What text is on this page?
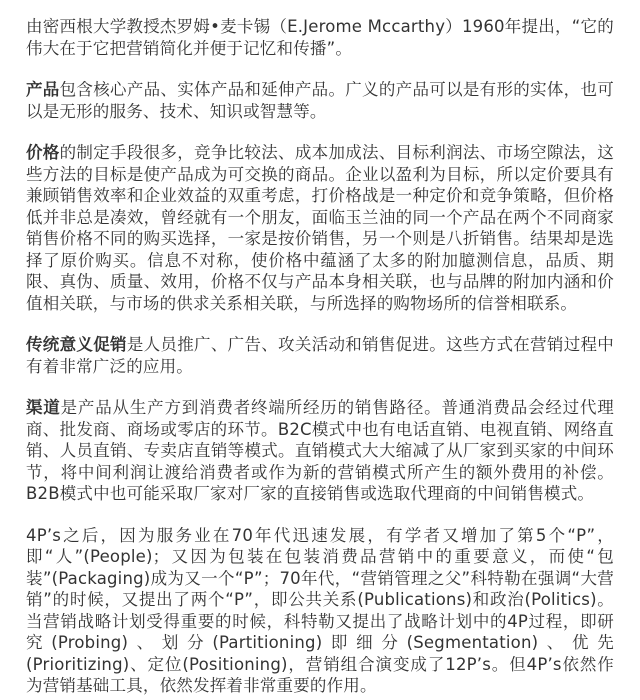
由密西根大学教授杰罗姆•麦卡锡（E.Jerome Mccarthy）1960年提出，“它的伟大在于它把营销简化并便于记忆和传播”。

产品包含核心产品、实体产品和延伸产品。广义的产品可以是有形的实体，也可以是无形的服务、技术、知识或智慧等。

价格的制定手段很多，竞争比较法、成本加成法、目标利润法、市场空隙法，这些方法的目标是使产品成为可交换的商品。企业以盈利为目标，所以定价要具有兼顾销售效率和企业效益的双重考虑，打价格战是一种定价和竞争策略，但价格低并非总是凑效，曾经就有一个朋友，面临玉兰油的同一个产品在两个不同商家销售价格不同的购买选择，一家是按价销售，另一个则是八折销售。结果却是选择了原价购买。信息不对称，使价格中蕴涵了太多的附加臆测信息，品质、期限、真伪、质量、效用，价格不仅与产品本身相关联，也与品牌的附加内涵和价值相关联，与市场的供求关系相关联，与所选择的购物场所的信誉相联系。

传统意义促销是人员推广、广告、攻关活动和销售促进。这些方式在营销过程中有着非常广泛的应用。

渠道是产品从生产方到消费者终端所经历的销售路径。普通消费品会经过代理商、批发商、商场或零店的环节。B2C模式中也有电话直销、电视直销、网络直销、人员直销、专卖店直销等模式。直销模式大大缩减了从厂家到买家的中间环节，将中间利润让渡给消费者或作为新的营销模式所产生的额外费用的补偿。B2B模式中也可能采取厂家对厂家的直接销售或选取代理商的中间销售模式。

4P’s之后，因为服务业在70年代迅速发展，有学者又增加了第5个“P”，即“人”(People)；又因为包装在包装消费品营销中的重要意义，而使“包装”(Packaging)成为又一个“P”；70年代，“营销管理之父”科特勒在强调“大营销”的时候，又提出了两个“P”，即公共关系(Publications)和政治(Politics)。当营销战略计划受得重要的时候，科特勒又提出了战略计划中的4P过程，即研究(Probing)、划分(Partitioning)即细分(Segmentation)、优先(Prioritizing)、定位(Positioning)，营销组合演变成了12P’s。但4P’s依然作为营销基础工具，依然发挥着非常重要的作用。
